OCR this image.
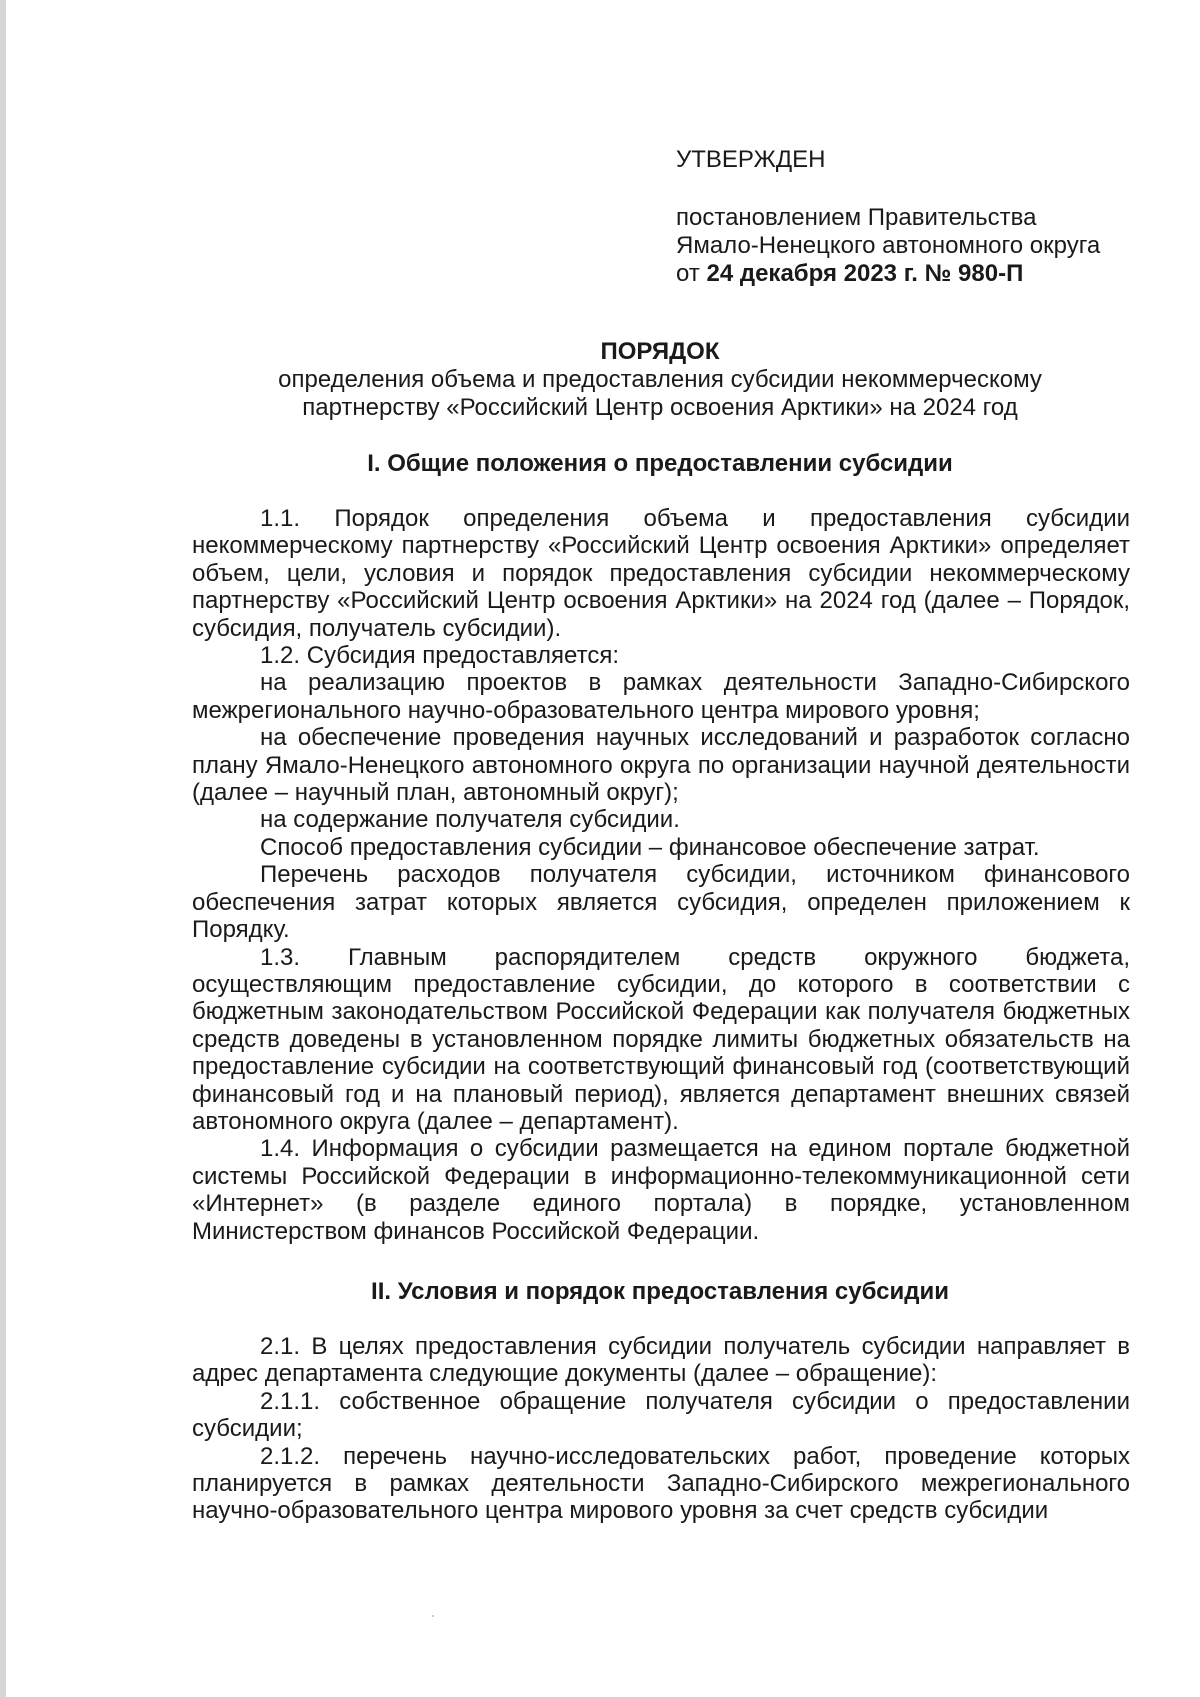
УТВЕРЖДЕН
постановлением Правительства
Ямало-Ненецкого автономного округа
от 24 декабря 2023 г. № 980-П
ПОРЯДОК
определения объема и предоставления субсидии некоммерческому
партнерству «Российский Центр освоения Арктики» на 2024 год
I. Общие положения о предоставлении субсидии

1.1. Порядок определения объема и предоставления субсидии некоммерческому партнерству «Российский Центр освоения Арктики» определяет объем, цели, условия и порядок предоставления субсидии некоммерческому партнерству «Российский Центр освоения Арктики» на 2024 год (далее – Порядок, субсидия, получатель субсидии).

1.2. Субсидия предоставляется:

на реализацию проектов в рамках деятельности Западно-Сибирского межрегионального научно-образовательного центра мирового уровня;

на обеспечение проведения научных исследований и разработок согласно плану Ямало-Ненецкого автономного округа по организации научной деятельности (далее – научный план, автономный округ);

на содержание получателя субсидии.

Способ предоставления субсидии – финансовое обеспечение затрат.

Перечень расходов получателя субсидии, источником финансового обеспечения затрат которых является субсидия, определен приложением к Порядку.

1.3. Главным распорядителем средств окружного бюджета, осуществляющим предоставление субсидии, до которого в соответствии с бюджетным законодательством Российской Федерации как получателя бюджетных средств доведены в установленном порядке лимиты бюджетных обязательств на предоставление субсидии на соответствующий финансовый год (соответствующий финансовый год и на плановый период), является департамент внешних связей автономного округа (далее – департамент).

1.4. Информация о субсидии размещается на едином портале бюджетной системы Российской Федерации в информационно-телекоммуникационной сети «Интернет» (в разделе единого портала) в порядке, установленном Министерством финансов Российской Федерации.

II. Условия и порядок предоставления субсидии

2.1. В целях предоставления субсидии получатель субсидии направляет в адрес департамента следующие документы (далее – обращение):

2.1.1. собственное обращение получателя субсидии о предоставлении субсидии;

2.1.2. перечень научно-исследовательских работ, проведение которых планируется в рамках деятельности Западно-Сибирского межрегионального научно-образовательного центра мирового уровня за счет средств субсидии
